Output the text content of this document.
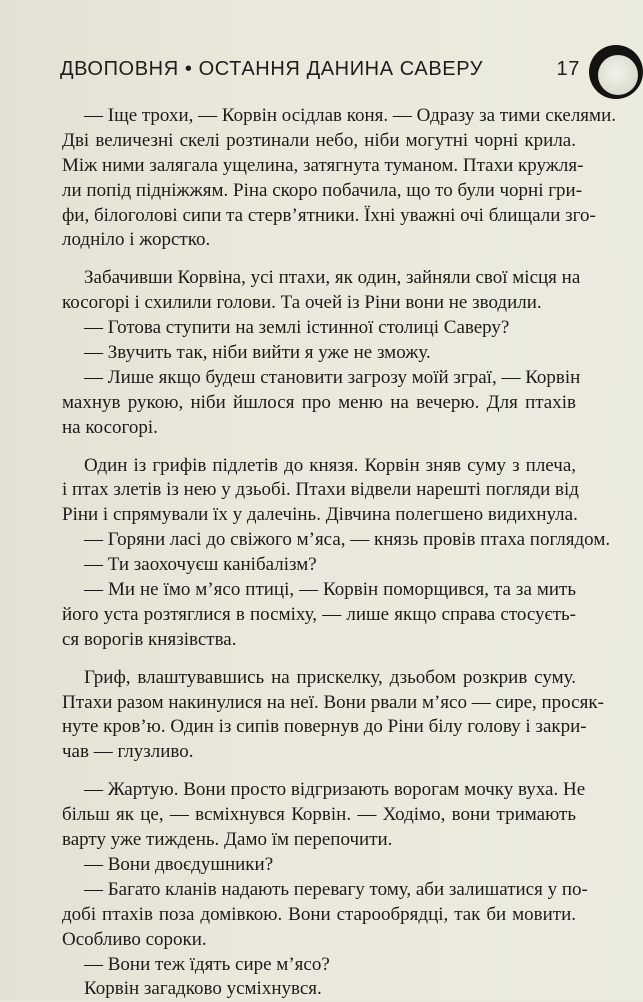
ДВОПОВНЯ • ОСТАННЯ ДАНИНА САВЕРУ	17
— Іще трохи, — Корвін осідлав коня. — Одразу за тими скелями.
Дві величезні скелі розтинали небо, ніби могутні чорні крила.
Між ними залягала ущелина, затягнута туманом. Птахи кружля-
ли попід підніжжям. Ріна скоро побачила, що то були чорні гри-
фи, білоголові сипи та стерв’ятники. Їхні уважні очі блищали зго-
лодніло і жорстко.
Забачивши Корвіна, усі птахи, як один, зайняли свої місця на
косогорі і схилили голови. Та очей із Ріни вони не зводили.
— Готова ступити на землі істинної столиці Саверу?
— Звучить так, ніби вийти я уже не зможу.
— Лише якщо будеш становити загрозу моїй зграї, — Корвін
махнув рукою, ніби йшлося про меню на вечерю. Для птахів
на косогорі.
Один із грифів підлетів до князя. Корвін зняв суму з плеча,
і птах злетів із нею у дзьобі. Птахи відвели нарешті погляди від
Ріни і спрямували їх у далечінь. Дівчина полегшено видихнула.
— Горяни ласі до свіжого м’яса, — князь провів птаха поглядом.
— Ти заохочуєш канібалізм?
— Ми не їмо м’ясо птиці, — Корвін поморщився, та за мить
його уста розтяглися в посміху, — лише якщо справа стосуєть-
ся ворогів князівства.
Гриф, влаштувавшись на прискелку, дзьобом розкрив суму.
Птахи разом накинулися на неї. Вони рвали м’ясо — сире, просяк-
нуте кров’ю. Один із сипів повернув до Ріни білу голову і закри-
чав — глузливо.
— Жартую. Вони просто відгризають ворогам мочку вуха. Не
більш як це, — всміхнувся Корвін. — Ходімо, вони тримають
варту уже тиждень. Дамо їм перепочити.
— Вони двоєдушники?
— Багато кланів надають перевагу тому, аби залишатися у по-
добі птахів поза домівкою. Вони старообрядці, так би мовити.
Особливо сороки.
— Вони теж їдять сире м’ясо?
Корвін загадково усміхнувся.
